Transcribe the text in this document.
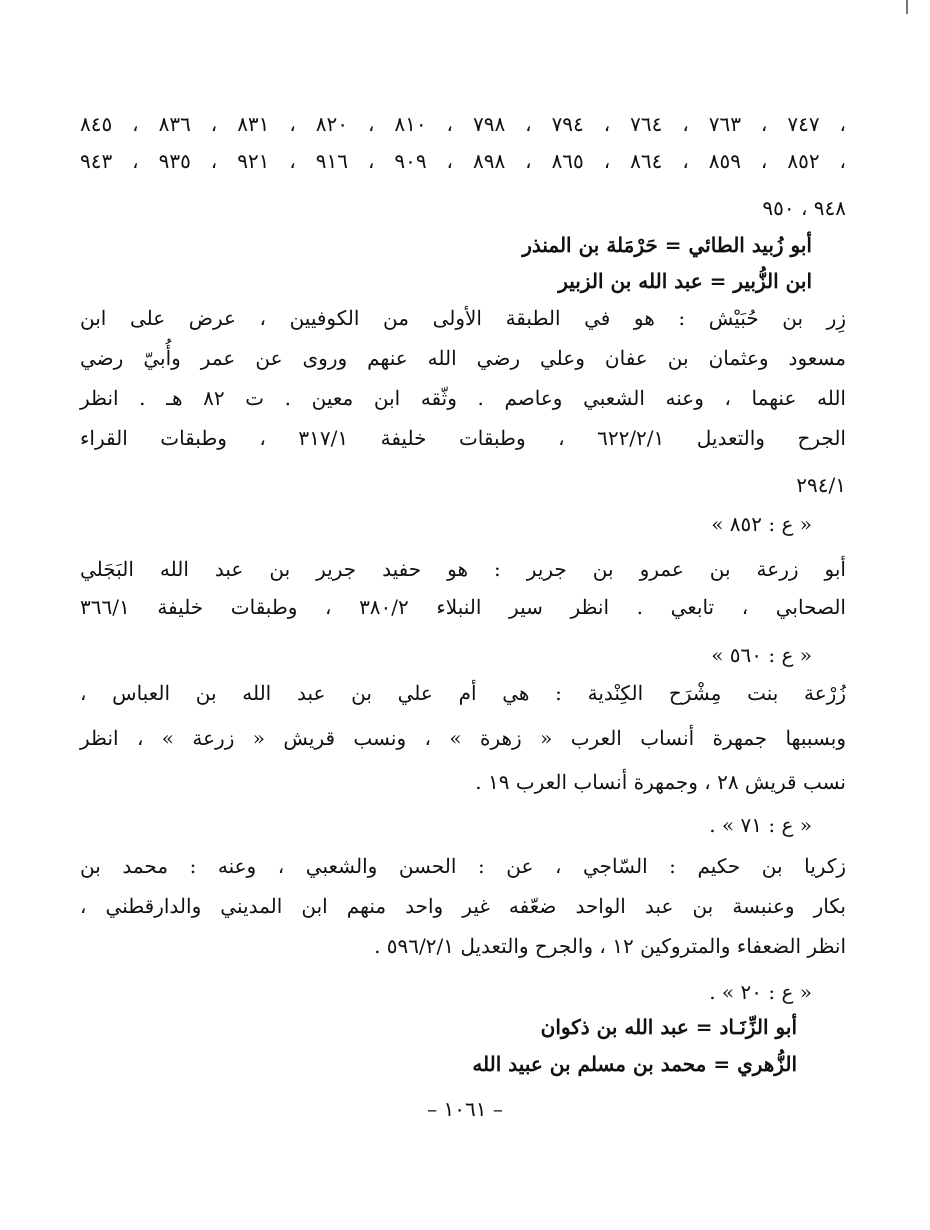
٧٤٧ ، ٧٦٣ ، ٧٦٤ ، ٧٩٤ ، ٧٩٨ ، ٨١٠ ، ٨٢٠ ، ٨٣١ ، ٨٣٦ ، ٨٤٥ ،
٨٥٢ ، ٨٥٩ ، ٨٦٤ ، ٨٦٥ ، ٨٩٨ ، ٩٠٩ ، ٩١٦ ، ٩٢١ ، ٩٣٥ ، ٩٤٣ ،
٩٤٨ ، ٩٥٠
أبو زُبيد الطائي = حَرْمَلة بن المنذر
ابن الزُّبير = عبد الله بن الزبير
زِر بن حُبَيْش : هو في الطبقة الأولى من الكوفيين ، عرض على ابن
مسعود وعثمان بن عفان وعلي رضي الله عنهم وروى عن عمر وأُبيّ رضي
الله عنهما ، وعنه الشعبي وعاصم . وثّقه ابن معين . ت ٨٢ هـ . انظر
الجرح والتعديل ٦٢٢/٢/١ ، وطبقات خليفة ٣١٧/١ ، وطبقات القراء
٢٩٤/١
« ع : ٨٥٢ »
أبو زرعة بن عمرو بن جرير : هو حفيد جرير بن عبد الله البَجَلي
الصحابي ، تابعي . انظر سير النبلاء ٣٨٠/٢ ، وطبقات خليفة ٣٦٦/١
« ع : ٥٦٠ »
زُرْعة بنت مِشْرَح الكِنْدية : هي أم علي بن عبد الله بن العباس ،
وبسببها جمهرة أنساب العرب « زهرة » ، ونسب قريش « زرعة » ، انظر
نسب قريش ٢٨ ، وجمهرة أنساب العرب ١٩ .
« ع : ٧١ » .
زكريا بن حكيم : السّاجي ، عن : الحسن والشعبي ، وعنه : محمد بن
بكار وعنبسة بن عبد الواحد ضعّفه غير واحد منهم ابن المديني والدارقطني ،
انظر الضعفاء والمتروكين ١٢ ، والجرح والتعديل ٥٩٦/٢/١ .
« ع : ٢٠ » .
أبو الزِّنَـاد = عبد الله بن ذكوان
الزُّهري = محمد بن مسلم بن عبيد الله
– ١٠٦١ –
